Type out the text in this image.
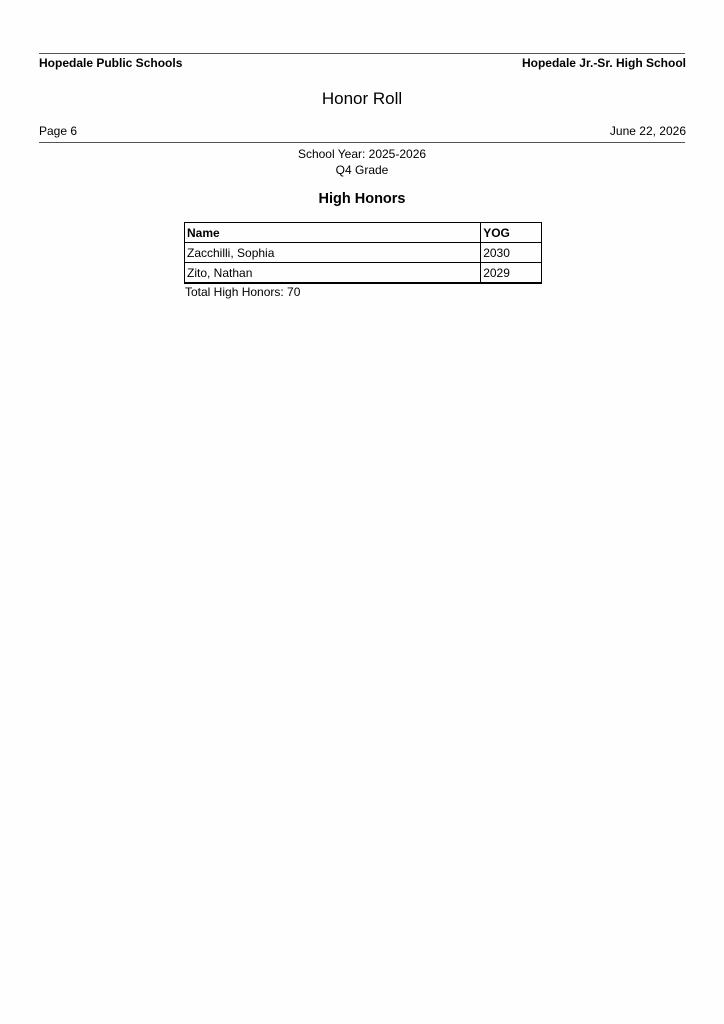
Hopedale Public Schools	Hopedale Jr.-Sr. High School
Honor Roll
Page 6	June 22, 2026
School Year: 2025-2026
Q4 Grade
High Honors
Name	YOG
Zacchilli, Sophia	2030
Zito, Nathan	2029
Total High Honors: 70
